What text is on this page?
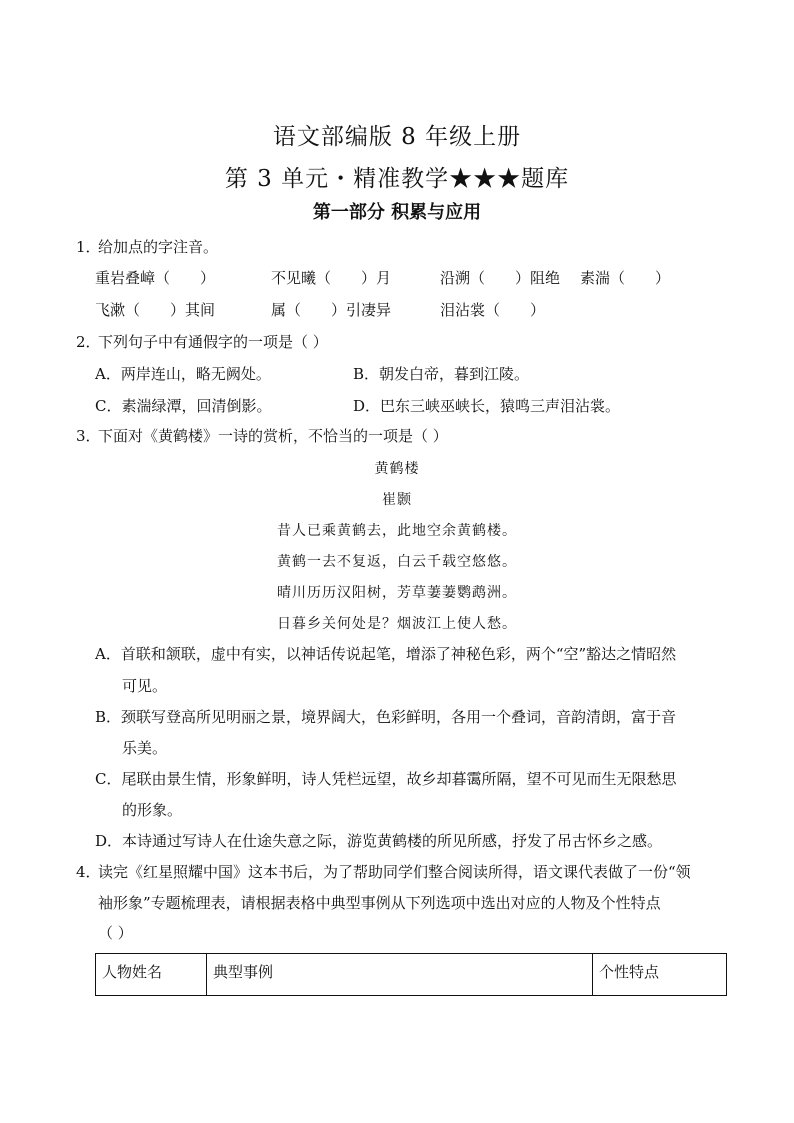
语文部编版 8 年级上册
第 3 单元・精准教学★★★题库
第一部分 积累与应用
1．给加点的字注音。
重岩叠嶂（　　）	不见曦（　　）月	沿溯（　　）阻绝 素湍（　　）
飞漱（　　）其间	属（　　）引凄异	泪沾裳（　　）
2．下列句子中有通假字的一项是（ ）
A．两岸连山，略无阙处。	B．朝发白帝，暮到江陵。
C．素湍绿潭，回清倒影。	D．巴东三峡巫峡长，猿鸣三声泪沾裳。
3．下面对《黄鹤楼》一诗的赏析，不恰当的一项是（ ）
黄鹤楼
崔颢
昔人已乘黄鹤去，此地空余黄鹤楼。
黄鹤一去不复返，白云千载空悠悠。
晴川历历汉阳树，芳草萋萋鹦鹉洲。
日暮乡关何处是？烟波江上使人愁。
A．首联和颔联，虚中有实，以神话传说起笔，增添了神秘色彩，两个“空”豁达之情昭然
可见。
B．颈联写登高所见明丽之景，境界阔大，色彩鲜明，各用一个叠词，音韵清朗，富于音
乐美。
C．尾联由景生情，形象鲜明，诗人凭栏远望，故乡却暮霭所隔，望不可见而生无限愁思
的形象。
D．本诗通过写诗人在仕途失意之际，游览黄鹤楼的所见所感，抒发了吊古怀乡之感。
4．读完《红星照耀中国》这本书后，为了帮助同学们整合阅读所得，语文课代表做了一份“领
袖形象”专题梳理表，请根据表格中典型事例从下列选项中选出对应的人物及个性特点
（ ）
人物姓名	典型事例	个性特点
